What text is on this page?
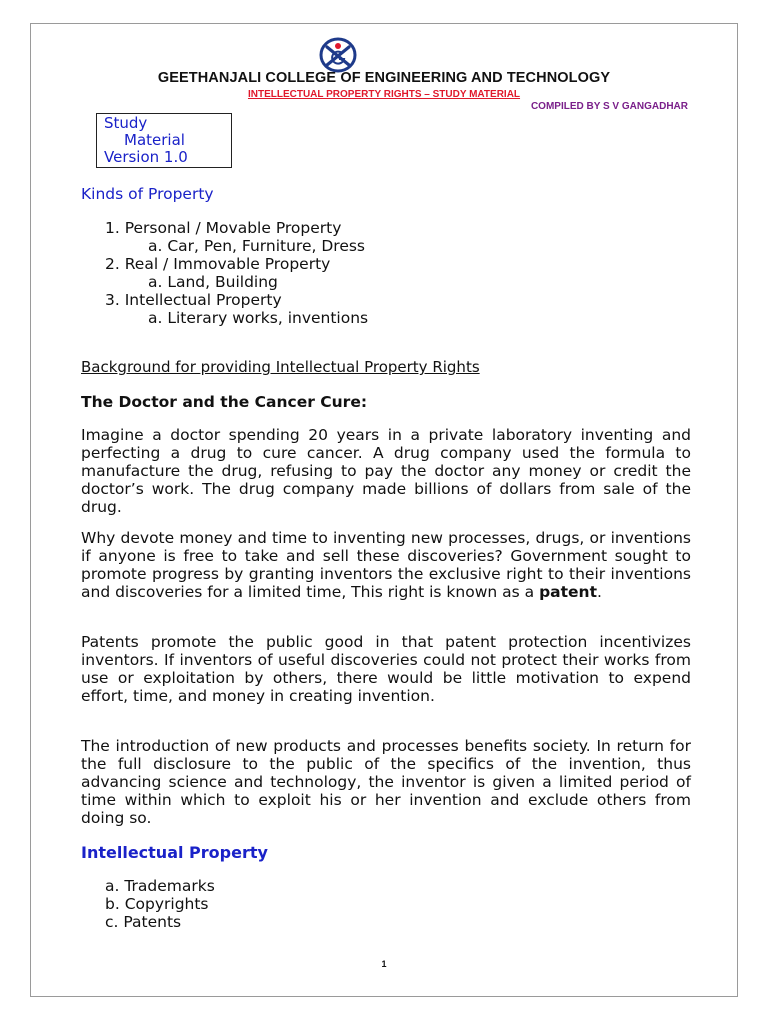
GEETHANJALI COLLEGE OF ENGINEERING AND TECHNOLOGY
INTELLECTUAL PROPERTY RIGHTS – STUDY MATERIAL
COMPILED BY S V GANGADHAR
Study
Material
Version 1.0
Kinds of Property
1. Personal / Movable Property
a. Car, Pen, Furniture, Dress
2. Real / Immovable Property
a. Land, Building
3. Intellectual Property
a. Literary works, inventions
Background for providing Intellectual Property Rights
The Doctor and the Cancer Cure:
Imagine a doctor spending 20 years in a private laboratory inventing and perfecting a drug to cure cancer. A drug company used the formula to manufacture the drug, refusing to pay the doctor any money or credit the doctor’s work. The drug company made billions of dollars from sale of the drug.
Why devote money and time to inventing new processes, drugs, or inventions if anyone is free to take and sell these discoveries? Government sought to promote progress by granting inventors the exclusive right to their inventions and discoveries for a limited time, This right is known as a patent.
Patents promote the public good in that patent protection incentivizes inventors. If inventors of useful discoveries could not protect their works from use or exploitation by others, there would be little motivation to expend effort, time, and money in creating invention.
The introduction of new products and processes benefits society. In return for the full disclosure to the public of the specifics of the invention, thus advancing science and technology, the inventor is given a limited period of time within which to exploit his or her invention and exclude others from doing so.
Intellectual Property
a. Trademarks
b. Copyrights
c. Patents
1
